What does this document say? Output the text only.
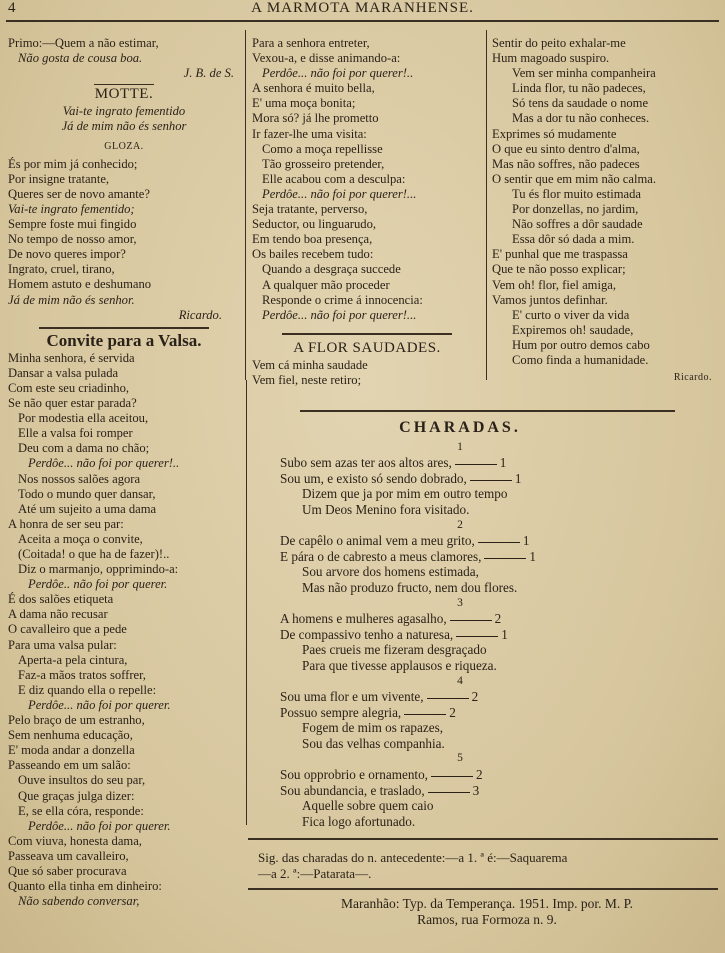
4	A MARMOTA MARANHENSE.

Primo:—Quem a não estimar,

Não gosta de cousa boa.

J. B. de S.

MOTTE.

Vai-te ingrato fementido

Já de mim não és senhor

GLOZA.

És por mim já conhecido;

Por insigne tratante,

Queres ser de novo amante?

Vai-te ingrato fementido;

Sempre foste mui fingido

No tempo de nosso amor,

De novo queres impor?

Ingrato, cruel, tirano,

Homem astuto e deshumano

Já de mim não és senhor.

Ricardo.

Convite para a Valsa.

Minha senhora, é servida

Dansar a valsa pulada

Com este seu criadinho,

Se não quer estar parada?

Por modestia ella aceitou,

Elle a valsa foi romper

Deu com a dama no chão;

Perdôe... não foi por querer!..

Nos nossos salões agora

Todo o mundo quer dansar,

Até um sujeito a uma dama

A honra de ser seu par:

Aceita a moça o convite,

(Coitada! o que ha de fazer)!..

Diz o marmanjo, opprimindo-a:

Perdôe.. não foi por querer.

É dos salões etiqueta

A dama não recusar

O cavalleiro que a pede

Para uma valsa pular:

Aperta-a pela cintura,

Faz-a mãos tratos soffrer,

E diz quando ella o repelle:

Perdôe... não foi por querer.

Pelo braço de um estranho,

Sem nenhuma educação,

E' moda andar a donzella

Passeando em um salão:

Ouve insultos do seu par,

Que graças julga dizer:

E, se ella córa, responde:

Perdôe... não foi por querer.

Com viuva, honesta dama,

Passeava um cavalleiro,

Que só saber procurava

Quanto ella tinha em dinheiro:

Não sabendo conversar,

Para a senhora entreter,

Vexou-a, e disse animando-a:

Perdôe... não foi por querer!..

A senhora é muito bella,

E' uma moça bonita;

Mora só? já lhe prometto

Ir fazer-lhe uma visita:

Como a moça repellisse

Tão grosseiro pretender,

Elle acabou com a desculpa:

Perdôe... não foi por querer!...

Seja tratante, perverso,

Seductor, ou linguarudo,

Em tendo boa presença,

Os bailes recebem tudo:

Quando a desgraça succede

A qualquer mão proceder

Responde o crime á innocencia:

Perdôe... não foi por querer!...

A FLOR SAUDADES.

Vem cá minha saudade

Vem fiel, neste retiro;

Sentir do peito exhalar-me

Hum magoado suspiro.

Vem ser minha companheira

Linda flor, tu não padeces,

Só tens da saudade o nome

Mas a dor tu não conheces.

Exprimes só mudamente

O que eu sinto dentro d'alma,

Mas não soffres, não padeces

O sentir que em mim não calma.

Tu és flor muito estimada

Por donzellas, no jardim,

Não soffres a dôr saudade

Essa dôr só dada a mim.

E' punhal que me traspassa

Que te não posso explicar;

Vem oh! flor, fiel amiga,

Vamos juntos definhar.

E' curto o viver da vida

Expiremos oh! saudade,

Hum por outro demos cabo

Como finda a humanidade.

Ricardo.

CHARADAS.
1
Subo sem azas ter aos altos ares,	1
Sou um, e existo só sendo dobrado,	1
Dizem que ja por mim em outro tempo
Um Deos Menino fora visitado.
2
De capêlo o animal vem a meu grito,	1
E pára o de cabresto a meus clamores,	1
Sou arvore dos homens estimada,
Mas não produzo fructo, nem dou flores.
3
A homens e mulheres agasalho,	2
De compassivo tenho a naturesa,	1
Paes crueis me fizeram desgraçado
Para que tivesse applausos e riqueza.
4
Sou uma flor e um vivente,	2
Possuo sempre alegria,	2
Fogem de mim os rapazes,
Sou das velhas companhia.
5
Sou opprobrio e ornamento,	2
Sou abundancia, e traslado,	3
Aquelle sobre quem caio
Fica logo afortunado.

Sig. das charadas do n. antecedente:—a 1. ª é:—Saquarema

—a 2. ª:—Patarata—.

Maranhão: Typ. da Temperança. 1951. Imp. por. M. P.

Ramos, rua Formoza n. 9.
